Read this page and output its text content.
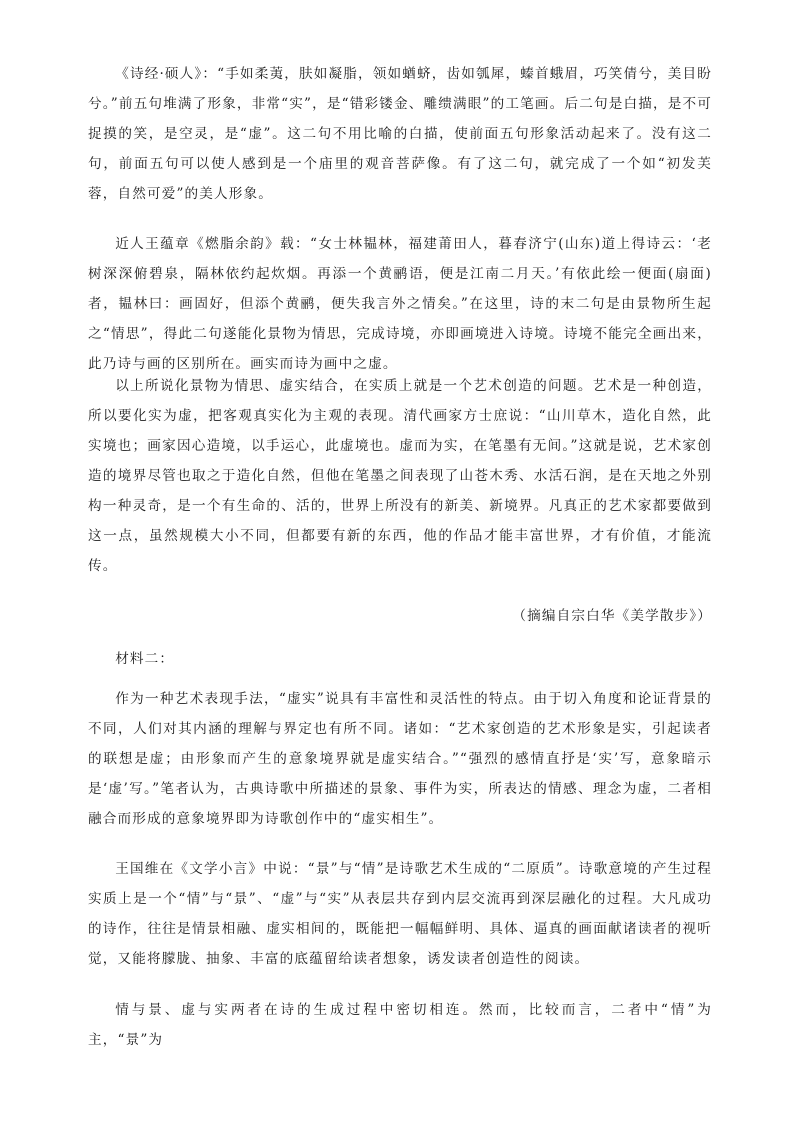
《诗经·硕人》：“手如柔荑，肤如凝脂，领如蝤蛴，齿如瓠犀，螓首蛾眉，巧笑倩兮，美目盼兮。”前五句堆满了形象，非常“实”，是“错彩镂金、雕缋满眼”的工笔画。后二句是白描，是不可捉摸的笑，是空灵，是“虚”。这二句不用比喻的白描，使前面五句形象活动起来了。没有这二句，前面五句可以使人感到是一个庙里的观音菩萨像。有了这二句，就完成了一个如“初发芙蓉，自然可爱”的美人形象。

近人王蕴章《燃脂余韵》载：“女士林韫林，福建莆田人，暮春济宁(山东)道上得诗云：‘老树深深俯碧泉，隔林依约起炊烟。再添一个黄鹂语，便是江南二月天。’有依此绘一便面(扇面)者，韫林曰：画固好，但添个黄鹂，便失我言外之情矣。”在这里，诗的末二句是由景物所生起之“情思”，得此二句遂能化景物为情思，完成诗境，亦即画境进入诗境。诗境不能完全画出来，此乃诗与画的区别所在。画实而诗为画中之虚。

以上所说化景物为情思、虚实结合，在实质上就是一个艺术创造的问题。艺术是一种创造，所以要化实为虚，把客观真实化为主观的表现。清代画家方士庶说：“山川草木，造化自然，此实境也；画家因心造境，以手运心，此虚境也。虚而为实，在笔墨有无间。”这就是说，艺术家创造的境界尽管也取之于造化自然，但他在笔墨之间表现了山苍木秀、水活石润，是在天地之外别构一种灵奇，是一个有生命的、活的，世界上所没有的新美、新境界。凡真正的艺术家都要做到这一点，虽然规模大小不同，但都要有新的东西，他的作品才能丰富世界，才有价值，才能流传。

（摘编自宗白华《美学散步》）

材料二：

作为一种艺术表现手法，“虚实”说具有丰富性和灵活性的特点。由于切入角度和论证背景的不同，人们对其内涵的理解与界定也有所不同。诸如：“艺术家创造的艺术形象是实，引起读者的联想是虚；由形象而产生的意象境界就是虚实结合。”“强烈的感情直抒是‘实’写，意象暗示是‘虚’写。”笔者认为，古典诗歌中所描述的景象、事件为实，所表达的情感、理念为虚，二者相融合而形成的意象境界即为诗歌创作中的“虚实相生”。

王国维在《文学小言》中说：“景”与“情”是诗歌艺术生成的“二原质”。诗歌意境的产生过程实质上是一个“情”与“景”、“虚”与“实”从表层共存到内层交流再到深层融化的过程。大凡成功的诗作，往往是情景相融、虚实相间的，既能把一幅幅鲜明、具体、逼真的画面献诸读者的视听觉，又能将朦胧、抽象、丰富的底蕴留给读者想象，诱发读者创造性的阅读。

情与景、虚与实两者在诗的生成过程中密切相连。然而，比较而言，二者中“情”为主，“景”为
